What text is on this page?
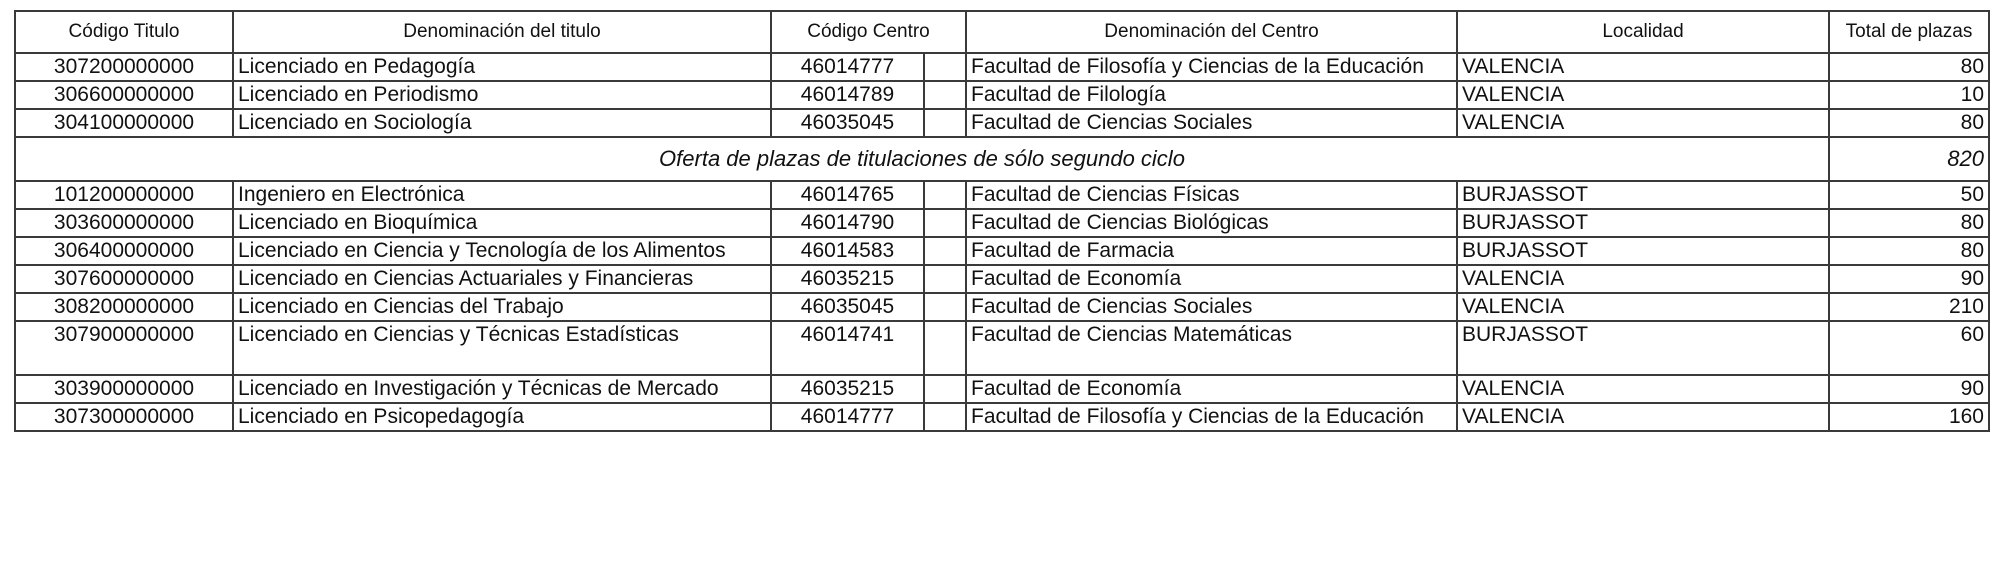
Código Titulo	Denominación del titulo	Código Centro		Denominación del Centro	Localidad	Total de plazas
307200000000	Licenciado en Pedagogía	46014777		Facultad de Filosofía y Ciencias de la Educación	VALENCIA	80
306600000000	Licenciado en Periodismo	46014789		Facultad de Filología	VALENCIA	10
304100000000	Licenciado en Sociología	46035045		Facultad de Ciencias Sociales	VALENCIA	80
Oferta de plazas de titulaciones de sólo segundo ciclo						820
101200000000	Ingeniero en Electrónica	46014765		Facultad de Ciencias Físicas	BURJASSOT	50
303600000000	Licenciado en Bioquímica	46014790		Facultad de Ciencias Biológicas	BURJASSOT	80
306400000000	Licenciado en Ciencia y Tecnología de los Alimentos	46014583		Facultad de Farmacia	BURJASSOT	80
307600000000	Licenciado en Ciencias Actuariales y Financieras	46035215		Facultad de Economía	VALENCIA	90
308200000000	Licenciado en Ciencias del Trabajo	46035045		Facultad de Ciencias Sociales	VALENCIA	210
307900000000	Licenciado en Ciencias y Técnicas Estadísticas	46014741		Facultad de Ciencias Matemáticas	BURJASSOT	60
303900000000	Licenciado en Investigación y Técnicas de Mercado	46035215		Facultad de Economía	VALENCIA	90
307300000000	Licenciado en Psicopedagogía	46014777		Facultad de Filosofía y Ciencias de la Educación	VALENCIA	160
